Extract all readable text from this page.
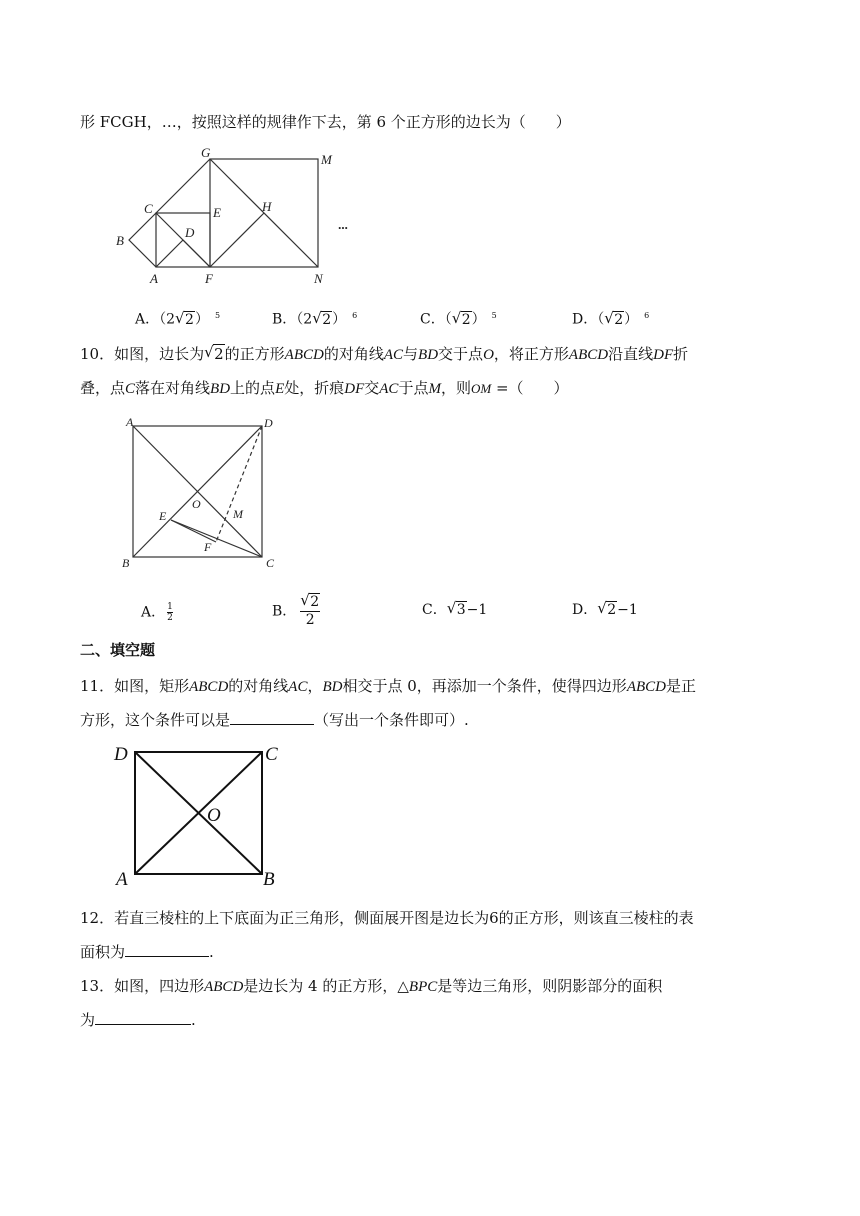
形 FCGH，…，按照这样的规律作下去，第 6 个正方形的边长为（　　）
G	M
C	E	H
B
D
A	F	N
···
A．（2 √ 2） $^5$	B．（2 √ 2） $^6$	C．（ √ 2） $^5$	D．（ √ 2） $^6$
10．如图，边长为 √ 2的正方形ABCD的对角线AC与BD交于点O，将正方形ABCD沿直线DF折
叠，点C落在对角线BD上的点E处，折痕DF交AC于点M，则OM =（　　）
A	D
O
E	M
F
B	C
A． $\frac{1}{2}$	B． $\frac{√ 2}{2}$	C． √ 3−1	D． √ 2−1
二、填空题
11．如图，矩形ABCD的对角线AC，BD相交于点 0，再添加一个条件，使得四边形ABCD是正
方形，这个条件可以是	（写出一个条件即可）.
D	C
O
A	B
12．若直三棱柱的上下底面为正三角形，侧面展开图是边长为6的正方形，则该直三棱柱的表
面积为	.
13．如图，四边形ABCD是边长为 4 的正方形，△BPC是等边三角形，则阴影部分的面积
为	.
